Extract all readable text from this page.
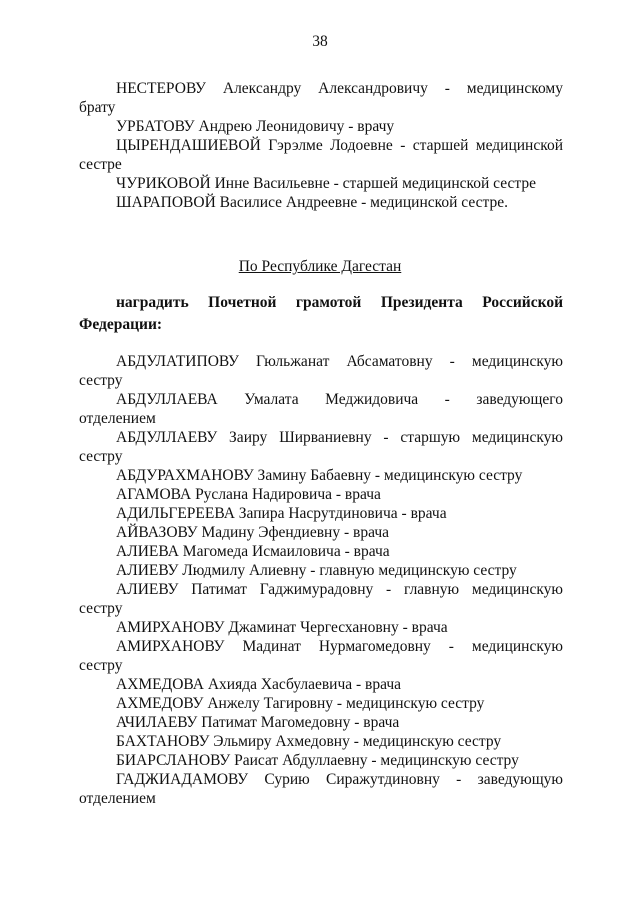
38
НЕСТЕРОВУ Александру Александровичу - медицинскому
брату
УРБАТОВУ Андрею Леонидовичу - врачу
ЦЫРЕНДАШИЕВОЙ Гэрэлме Лодоевне - старшей медицинской
сестре
ЧУРИКОВОЙ Инне Васильевне - старшей медицинской сестре
ШАРАПОВОЙ Василисе Андреевне - медицинской сестре.
По Республике Дагестан
наградить Почетной грамотой Президента Российской
Федерации:
АБДУЛАТИПОВУ Гюльжанат Абсаматовну - медицинскую
сестру
АБДУЛЛАЕВА Умалата Меджидовича - заведующего
отделением
АБДУЛЛАЕВУ Заиру Ширваниевну - старшую медицинскую
сестру
АБДУРАХМАНОВУ Замину Бабаевну - медицинскую сестру
АГАМОВА Руслана Надировича - врача
АДИЛЬГЕРЕЕВА Запира Насрутдиновича - врача
АЙВАЗОВУ Мадину Эфендиевну - врача
АЛИЕВА Магомеда Исмаиловича - врача
АЛИЕВУ Людмилу Алиевну - главную медицинскую сестру
АЛИЕВУ Патимат Гаджимурадовну - главную медицинскую
сестру
АМИРХАНОВУ Джаминат Чергесхановну - врача
АМИРХАНОВУ Мадинат Нурмагомедовну - медицинскую
сестру
АХМЕДОВА Ахияда Хасбулаевича - врача
АХМЕДОВУ Анжелу Тагировну - медицинскую сестру
АЧИЛАЕВУ Патимат Магомедовну - врача
БАХТАНОВУ Эльмиру Ахмедовну - медицинскую сестру
БИАРСЛАНОВУ Раисат Абдуллаевну - медицинскую сестру
ГАДЖИАДАМОВУ Сурию Сиражутдиновну - заведующую
отделением
